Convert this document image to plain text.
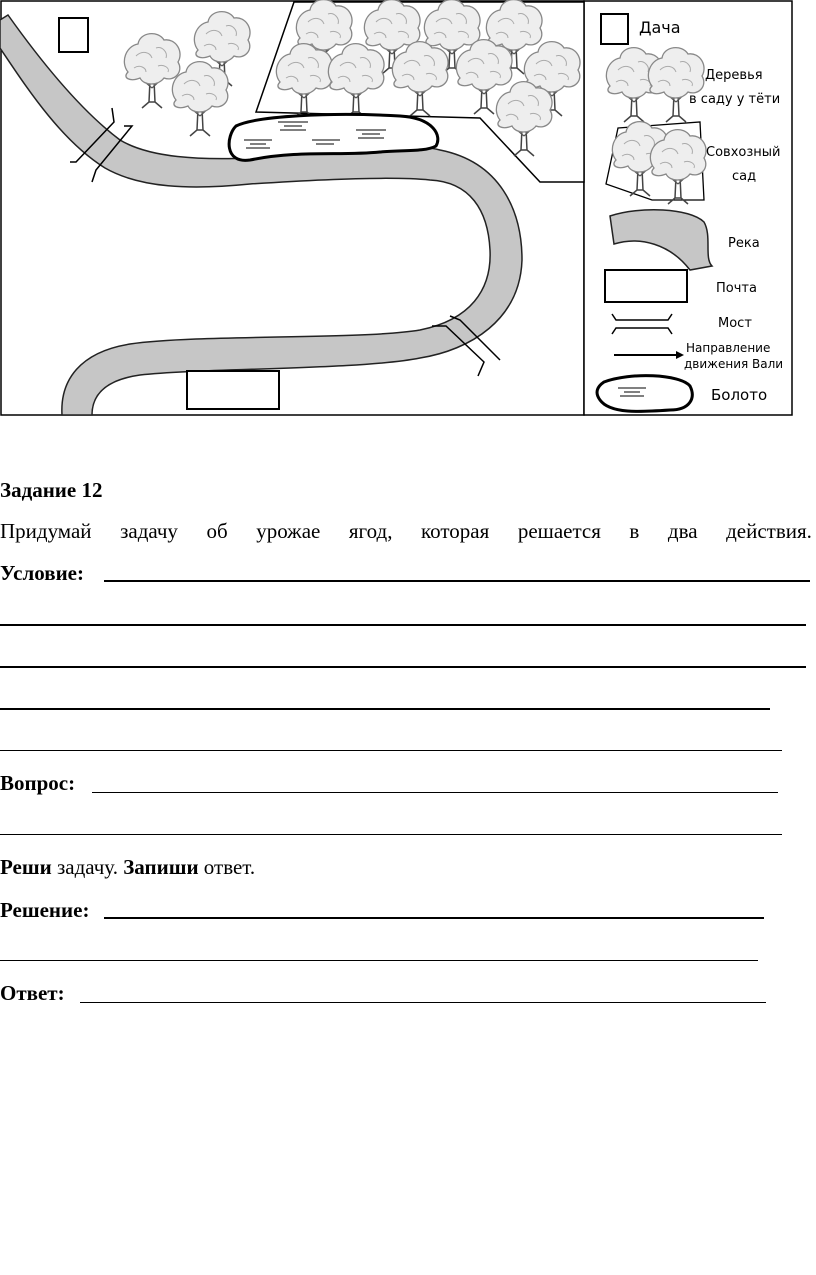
Дача
Деревья
в саду у тёти
Совхозный
сад
Река
Почта
Мост
Направление
движения Вали
Болото
Задание 12
Придумай задачу об урожае ягод, которая решается в два действия.
Условие:
Вопрос:
Реши задачу. Запиши ответ.
Решение:
Ответ:
